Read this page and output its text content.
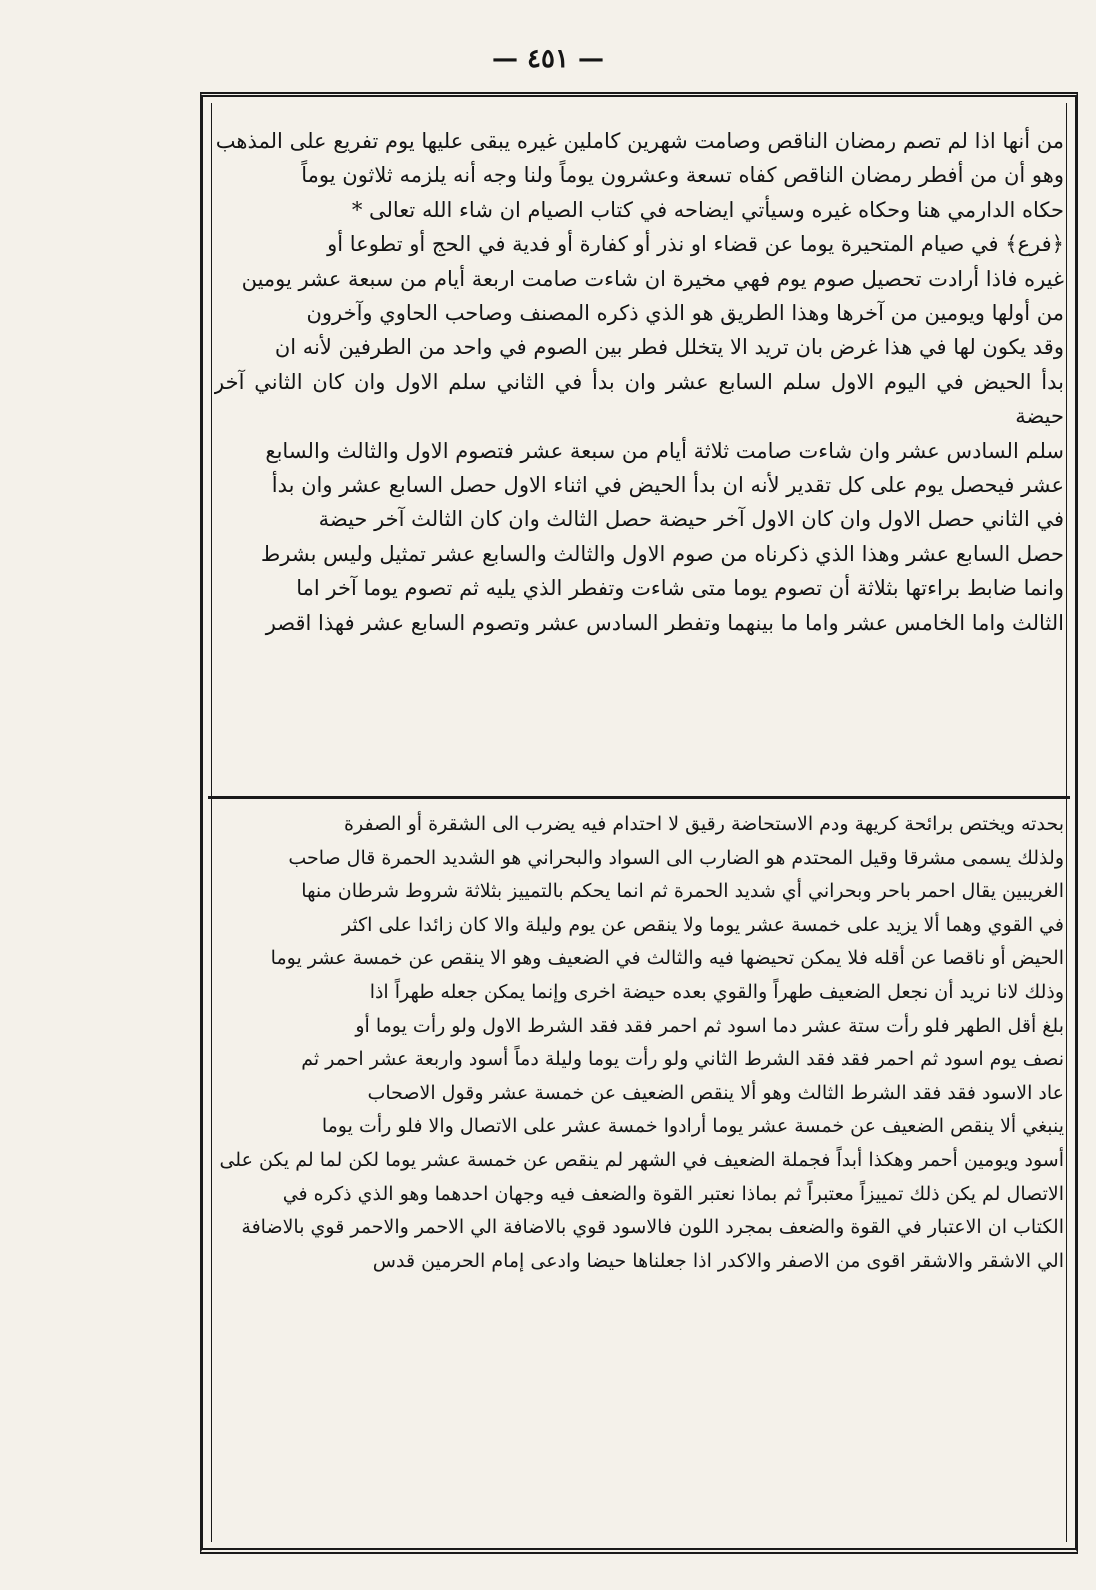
— ٤٥١ —
من أنها اذا لم تصم رمضان الناقص وصامت شهرين كاملين غيره يبقى عليها يوم تفريع على المذهب
وهو أن من أفطر رمضان الناقص كفاه تسعة وعشرون يوماً ولنا وجه أنه يلزمه ثلاثون يوماً
حكاه الدارمي هنا وحكاه غيره وسيأتي ايضاحه في كتاب الصيام ان شاء الله تعالى *
﴿فرع﴾ في صيام المتحيرة يوما عن قضاء او نذر أو كفارة أو فدية في الحج أو تطوعا أو
غيره فاذا أرادت تحصيل صوم يوم فهي مخيرة ان شاءت صامت اربعة أيام من سبعة عشر يومين
من أولها ويومين من آخرها وهذا الطريق هو الذي ذكره المصنف وصاحب الحاوي وآخرون
وقد يكون لها في هذا غرض بان تريد الا يتخلل فطر بين الصوم في واحد من الطرفين لأنه ان
بدأ الحيض في اليوم الاول سلم السابع عشر وان بدأ في الثاني سلم الاول وان كان الثاني آخر حيضة
سلم السادس عشر وان شاءت صامت ثلاثة أيام من سبعة عشر فتصوم الاول والثالث والسابع
عشر فيحصل يوم على كل تقدير لأنه ان بدأ الحيض في اثناء الاول حصل السابع عشر وان بدأ
في الثاني حصل الاول وان كان الاول آخر حيضة حصل الثالث وان كان الثالث آخر حيضة
حصل السابع عشر وهذا الذي ذكرناه من صوم الاول والثالث والسابع عشر تمثيل وليس بشرط
وانما ضابط براءتها بثلاثة أن تصوم يوما متى شاءت وتفطر الذي يليه ثم تصوم يوما آخر اما
الثالث واما الخامس عشر واما ما بينهما وتفطر السادس عشر وتصوم السابع عشر فهذا اقصر
بحدته ويختص برائحة كريهة ودم الاستحاضة رقيق لا احتدام فيه يضرب الى الشقرة أو الصفرة
ولذلك يسمى مشرقا وقيل المحتدم هو الضارب الى السواد والبحراني هو الشديد الحمرة قال صاحب
الغريبين يقال احمر باحر وبحراني أي شديد الحمرة ثم انما يحكم بالتمييز بثلاثة شروط شرطان منها
في القوي وهما ألا يزيد على خمسة عشر يوما ولا ينقص عن يوم وليلة والا كان زائدا على اكثر
الحيض أو ناقصا عن أقله فلا يمكن تحيضها فيه والثالث في الضعيف وهو الا ينقص عن خمسة عشر يوما
وذلك لانا نريد أن نجعل الضعيف طهراً والقوي بعده حيضة اخرى وإنما يمكن جعله طهراً اذا
بلغ أقل الطهر فلو رأت ستة عشر دما اسود ثم احمر فقد فقد الشرط الاول ولو رأت يوما أو
نصف يوم اسود ثم احمر فقد فقد الشرط الثاني ولو رأت يوما وليلة دماً أسود واربعة عشر احمر ثم
عاد الاسود فقد فقد الشرط الثالث وهو ألا ينقص الضعيف عن خمسة عشر وقول الاصحاب
ينبغي ألا ينقص الضعيف عن خمسة عشر يوما أرادوا خمسة عشر على الاتصال والا فلو رأت يوما
أسود ويومين أحمر وهكذا أبداً فجملة الضعيف في الشهر لم ينقص عن خمسة عشر يوما لكن لما لم يكن على
الاتصال لم يكن ذلك تمييزاً معتبراً ثم بماذا نعتبر القوة والضعف فيه وجهان احدهما وهو الذي ذكره في
الكتاب ان الاعتبار في القوة والضعف بمجرد اللون فالاسود قوي بالاضافة الي الاحمر والاحمر قوي بالاضافة
الي الاشقر والاشقر اقوى من الاصفر والاكدر اذا جعلناها حيضا وادعى إمام الحرمين قدس
